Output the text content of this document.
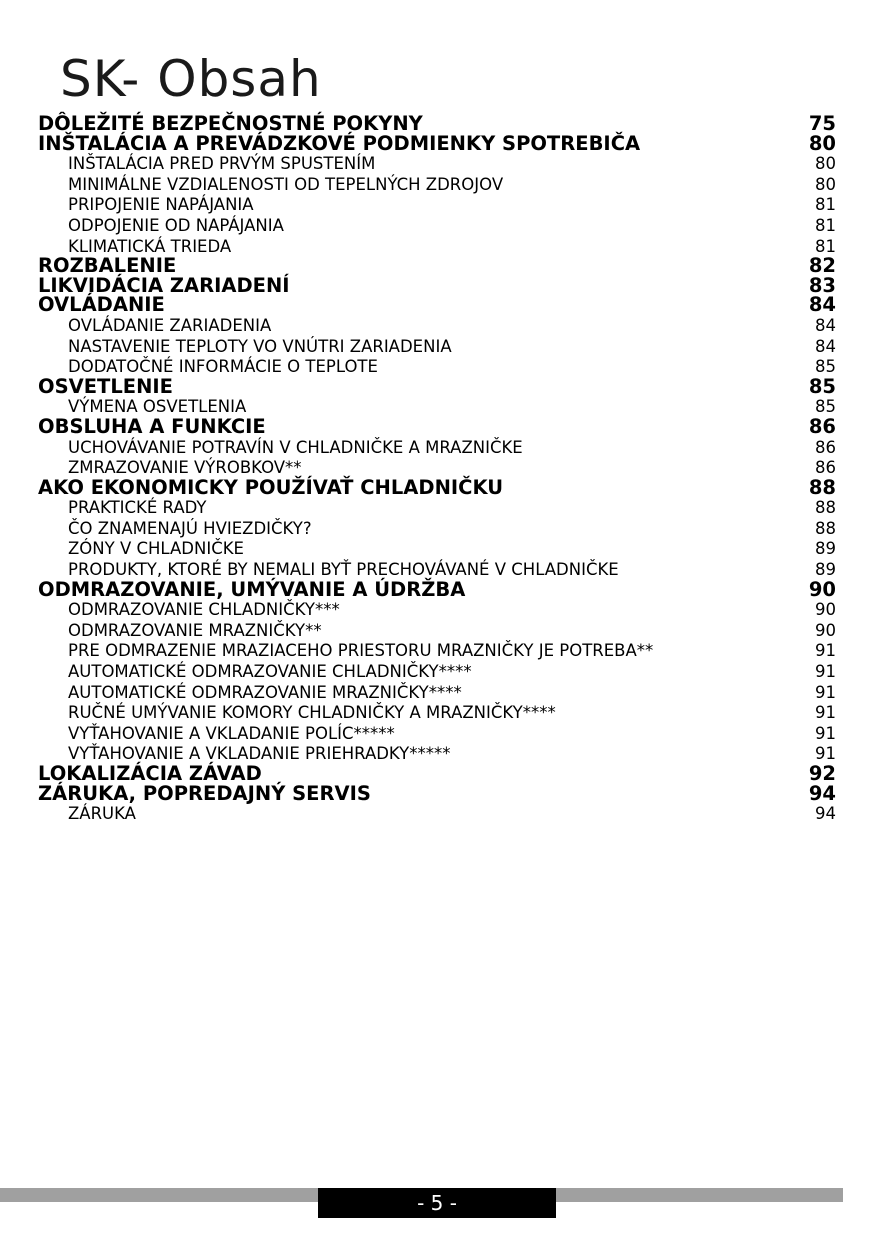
SK- Obsah
DÔLEŽITÉ BEZPEČNOSTNÉ POKYNY	75
INŠTALÁCIA A PREVÁDZKOVÉ PODMIENKY SPOTREBIČA	80
INŠTALÁCIA PRED PRVÝM SPUSTENÍM	80
MINIMÁLNE VZDIALENOSTI OD TEPELNÝCH ZDROJOV	80
PRIPOJENIE NAPÁJANIA	81
ODPOJENIE OD NAPÁJANIA	81
KLIMATICKÁ TRIEDA	81
ROZBALENIE	82
LIKVIDÁCIA ZARIADENÍ	83
OVLÁDANIE	84
OVLÁDANIE ZARIADENIA	84
NASTAVENIE TEPLOTY VO VNÚTRI ZARIADENIA	84
DODATOČNÉ INFORMÁCIE O TEPLOTE	85
OSVETLENIE	85
VÝMENA OSVETLENIA	85
OBSLUHA A FUNKCIE	86
UCHOVÁVANIE POTRAVÍN V CHLADNIČKE A MRAZNIČKE	86
ZMRAZOVANIE VÝROBKOV**	86
AKO EKONOMICKY POUŽÍVAŤ CHLADNIČKU	88
PRAKTICKÉ RADY	88
ČO ZNAMENAJÚ HVIEZDIČKY?	88
ZÓNY V CHLADNIČKE	89
PRODUKTY, KTORÉ BY NEMALI BYŤ PRECHOVÁVANÉ V CHLADNIČKE	89
ODMRAZOVANIE, UMÝVANIE A ÚDRŽBA	90
ODMRAZOVANIE CHLADNIČKY***	90
ODMRAZOVANIE MRAZNIČKY**	90
PRE ODMRAZENIE MRAZIACEHO PRIESTORU MRAZNIČKY JE POTREBA**	91
AUTOMATICKÉ ODMRAZOVANIE CHLADNIČKY****	91
AUTOMATICKÉ ODMRAZOVANIE MRAZNIČKY****	91
RUČNÉ UMÝVANIE KOMORY CHLADNIČKY A MRAZNIČKY****	91
VYŤAHOVANIE A VKLADANIE POLÍC*****	91
VYŤAHOVANIE A VKLADANIE PRIEHRADKY*****	91
LOKALIZÁCIA ZÁVAD	92
ZÁRUKA, POPREDAJNÝ SERVIS	94
ZÁRUKA	94
- 5 -
